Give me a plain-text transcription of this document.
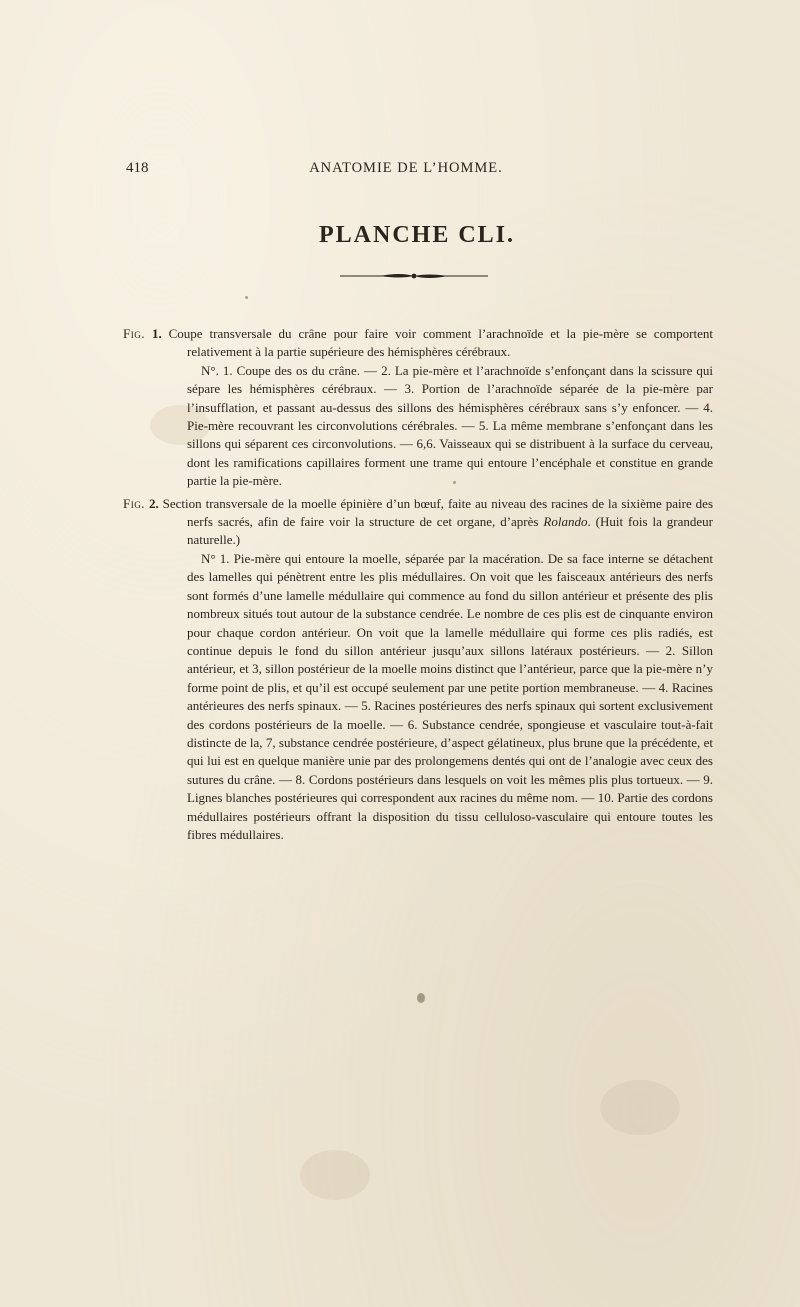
418	ANATOMIE DE L’HOMME.
PLANCHE CLI.

Fig. 1. Coupe transversale du crâne pour faire voir comment l’arachnoïde et la pie-mère se comportent relativement à la partie supérieure des hémisphères cérébraux.

N°. 1. Coupe des os du crâne. — 2. La pie-mère et l’arachnoïde s’enfonçant dans la scissure qui sépare les hémisphères cérébraux. — 3. Portion de l’arachnoïde séparée de la pie-mère par l’insufflation, et passant au-dessus des sillons des hémisphères cérébraux sans s’y enfoncer. — 4. Pie-mère recouvrant les circonvolutions cérébrales. — 5. La même membrane s’enfonçant dans les sillons qui séparent ces circonvolutions. — 6,6. Vaisseaux qui se distribuent à la surface du cerveau, dont les ramifications capillaires forment une trame qui entoure l’encéphale et constitue en grande partie la pie-mère.

Fig. 2. Section transversale de la moelle épinière d’un bœuf, faite au niveau des racines de la sixième paire des nerfs sacrés, afin de faire voir la structure de cet organe, d’après Rolando. (Huit fois la grandeur naturelle.)

N° 1. Pie-mère qui entoure la moelle, séparée par la macération. De sa face interne se détachent des lamelles qui pénètrent entre les plis médullaires. On voit que les faisceaux antérieurs des nerfs sont formés d’une lamelle médullaire qui commence au fond du sillon antérieur et présente des plis nombreux situés tout autour de la substance cendrée. Le nombre de ces plis est de cinquante environ pour chaque cordon antérieur. On voit que la lamelle médullaire qui forme ces plis radiés, est continue depuis le fond du sillon antérieur jusqu’aux sillons latéraux postérieurs. — 2. Sillon antérieur, et 3, sillon postérieur de la moelle moins distinct que l’antérieur, parce que la pie-mère n’y forme point de plis, et qu’il est occupé seulement par une petite portion membraneuse. — 4. Racines antérieures des nerfs spinaux. — 5. Racines postérieures des nerfs spinaux qui sortent exclusivement des cordons postérieurs de la moelle. — 6. Substance cendrée, spongieuse et vasculaire tout-à-fait distincte de la, 7, substance cendrée postérieure, d’aspect gélatineux, plus brune que la précédente, et qui lui est en quelque manière unie par des prolongemens dentés qui ont de l’analogie avec ceux des sutures du crâne. — 8. Cordons postérieurs dans lesquels on voit les mêmes plis plus tortueux. — 9. Lignes blanches postérieures qui correspondent aux racines du même nom. — 10. Partie des cordons médullaires postérieurs offrant la disposition du tissu celluloso-vasculaire qui entoure toutes les fibres médullaires.
